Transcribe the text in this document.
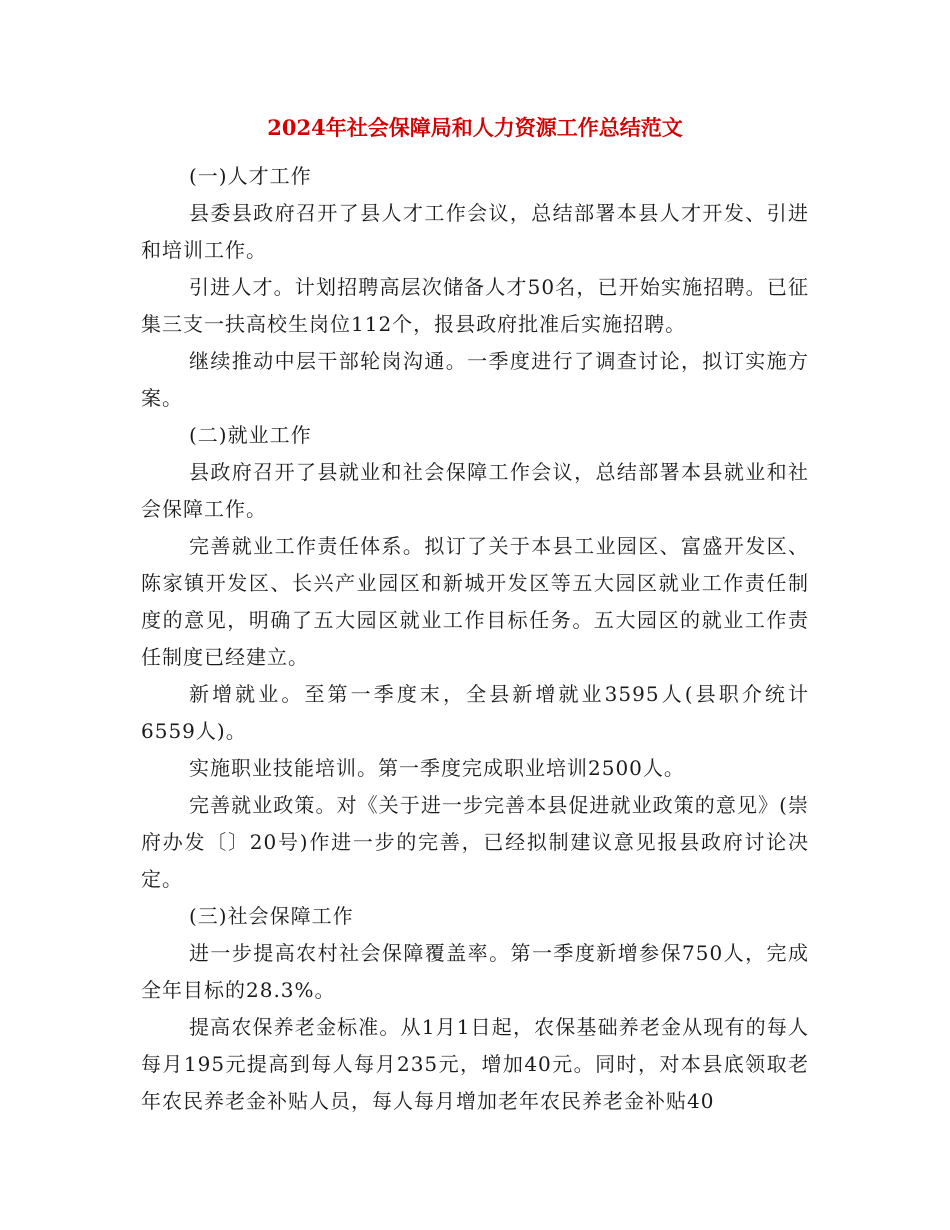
2024年社会保障局和人力资源工作总结范文

(一)人才工作

县委县政府召开了县人才工作会议，总结部署本县人才开发、引进和培训工作。

引进人才。计划招聘高层次储备人才50名，已开始实施招聘。已征集三支一扶高校生岗位112个，报县政府批准后实施招聘。

继续推动中层干部轮岗沟通。一季度进行了调查讨论，拟订实施方案。

(二)就业工作

县政府召开了县就业和社会保障工作会议，总结部署本县就业和社会保障工作。

完善就业工作责任体系。拟订了关于本县工业园区、富盛开发区、陈家镇开发区、长兴产业园区和新城开发区等五大园区就业工作责任制度的意见，明确了五大园区就业工作目标任务。五大园区的就业工作责任制度已经建立。

新增就业。至第一季度末，全县新增就业3595人(县职介统计6559人)。

实施职业技能培训。第一季度完成职业培训2500人。

完善就业政策。对《关于进一步完善本县促进就业政策的意见》(崇府办发〔〕20号)作进一步的完善，已经拟制建议意见报县政府讨论决定。

(三)社会保障工作

进一步提高农村社会保障覆盖率。第一季度新增参保750人，完成全年目标的28.3%。

提高农保养老金标准。从1月1日起，农保基础养老金从现有的每人每月195元提高到每人每月235元，增加40元。同时，对本县底领取老年农民养老金补贴人员，每人每月增加老年农民养老金补贴40
